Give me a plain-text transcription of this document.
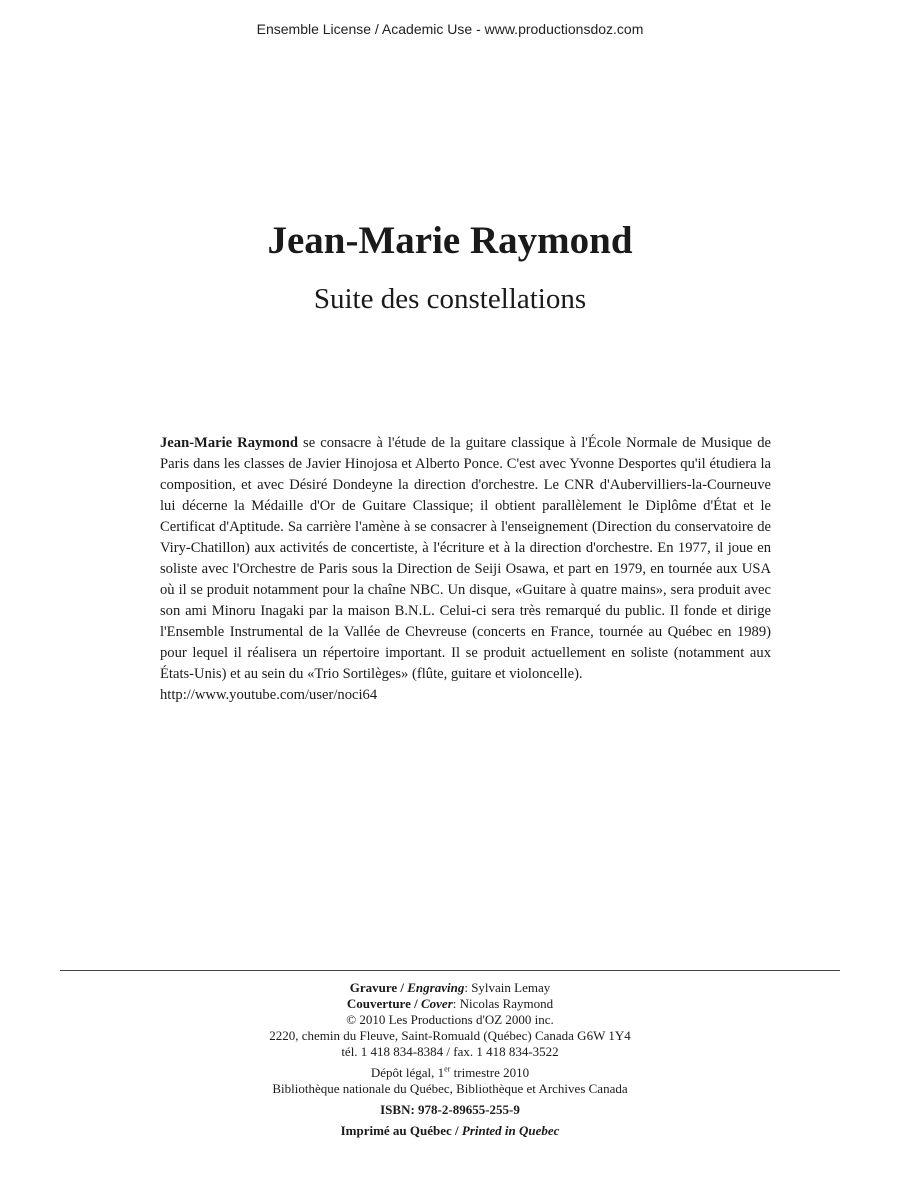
Ensemble License / Academic Use - www.productionsdoz.com
Jean-Marie Raymond
Suite des constellations

Jean-Marie Raymond se consacre à l'étude de la guitare classique à l'École Normale de Musique de Paris dans les classes de Javier Hinojosa et Alberto Ponce. C'est avec Yvonne Desportes qu'il étudiera la composition, et avec Désiré Dondeyne la direction d'orchestre. Le CNR d'Aubervilliers-la-Courneuve lui décerne la Médaille d'Or de Guitare Classique; il obtient parallèlement le Diplôme d'État et le Certificat d'Aptitude. Sa carrière l'amène à se consacrer à l'enseignement (Direction du conservatoire de Viry-Chatillon) aux activités de concertiste, à l'écriture et à la direction d'orchestre. En 1977, il joue en soliste avec l'Orchestre de Paris sous la Direction de Seiji Osawa, et part en 1979, en tournée aux USA où il se produit notamment pour la chaîne NBC. Un disque, «Guitare à quatre mains», sera produit avec son ami Minoru Inagaki par la maison B.N.L. Celui-ci sera très remarqué du public. Il fonde et dirige l'Ensemble Instrumental de la Vallée de Chevreuse (concerts en France, tournée au Québec en 1989) pour lequel il réalisera un répertoire important. Il se produit actuellement en soliste (notamment aux États-Unis) et au sein du «Trio Sortilèges» (flûte, guitare et violoncelle).
http://www.youtube.com/user/noci64

Gravure / Engraving: Sylvain Lemay
Couverture / Cover: Nicolas Raymond
© 2010 Les Productions d'OZ 2000 inc.
2220, chemin du Fleuve, Saint-Romuald (Québec) Canada G6W 1Y4
tél. 1 418 834-8384 / fax. 1 418 834-3522
Dépôt légal, 1er trimestre 2010
Bibliothèque nationale du Québec, Bibliothèque et Archives Canada
ISBN: 978-2-89655-255-9
Imprimé au Québec / Printed in Quebec
